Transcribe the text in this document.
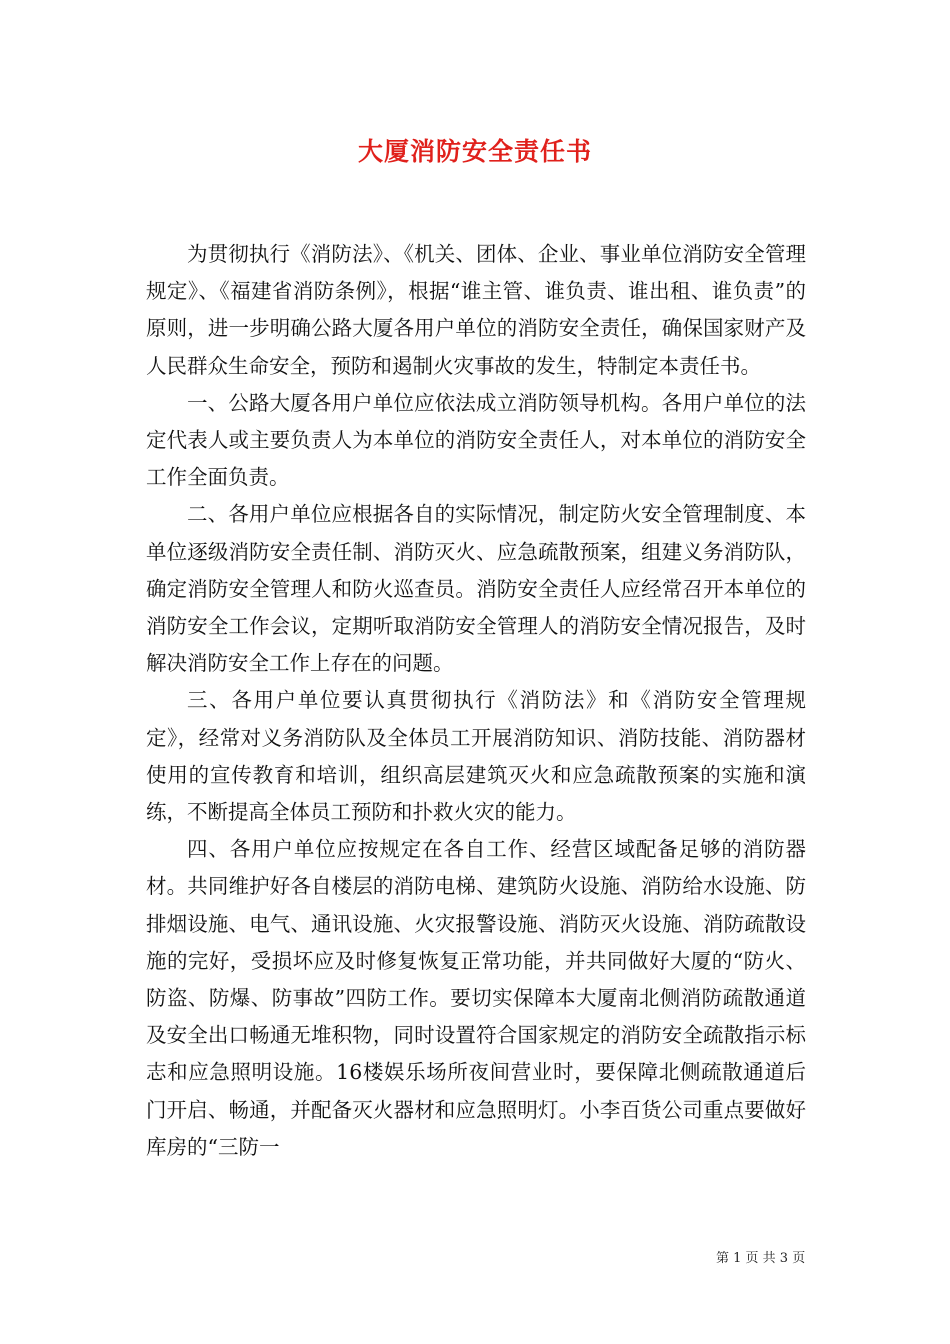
大厦消防安全责任书

为贯彻执行《消防法》、《机关、团体、企业、事业单位消防安全管理规定》、《福建省消防条例》，根据“谁主管、谁负责、谁出租、谁负责”的原则，进一步明确公路大厦各用户单位的消防安全责任，确保国家财产及人民群众生命安全，预防和遏制火灾事故的发生，特制定本责任书。

一、公路大厦各用户单位应依法成立消防领导机构。各用户单位的法定代表人或主要负责人为本单位的消防安全责任人，对本单位的消防安全工作全面负责。

二、各用户单位应根据各自的实际情况，制定防火安全管理制度、本单位逐级消防安全责任制、消防灭火、应急疏散预案，组建义务消防队，确定消防安全管理人和防火巡查员。消防安全责任人应经常召开本单位的消防安全工作会议，定期听取消防安全管理人的消防安全情况报告，及时解决消防安全工作上存在的问题。

三、各用户单位要认真贯彻执行《消防法》和《消防安全管理规定》，经常对义务消防队及全体员工开展消防知识、消防技能、消防器材使用的宣传教育和培训，组织高层建筑灭火和应急疏散预案的实施和演练，不断提高全体员工预防和扑救火灾的能力。

四、各用户单位应按规定在各自工作、经营区域配备足够的消防器材。共同维护好各自楼层的消防电梯、建筑防火设施、消防给水设施、防排烟设施、电气、通讯设施、火灾报警设施、消防灭火设施、消防疏散设施的完好，受损坏应及时修复恢复正常功能，并共同做好大厦的“防火、防盗、防爆、防事故”四防工作。要切实保障本大厦南北侧消防疏散通道及安全出口畅通无堆积物，同时设置符合国家规定的消防安全疏散指示标志和应急照明设施。16楼娱乐场所夜间营业时，要保障北侧疏散通道后门开启、畅通，并配备灭火器材和应急照明灯。小李百货公司重点要做好库房的“三防一

第 1 页 共 3 页
